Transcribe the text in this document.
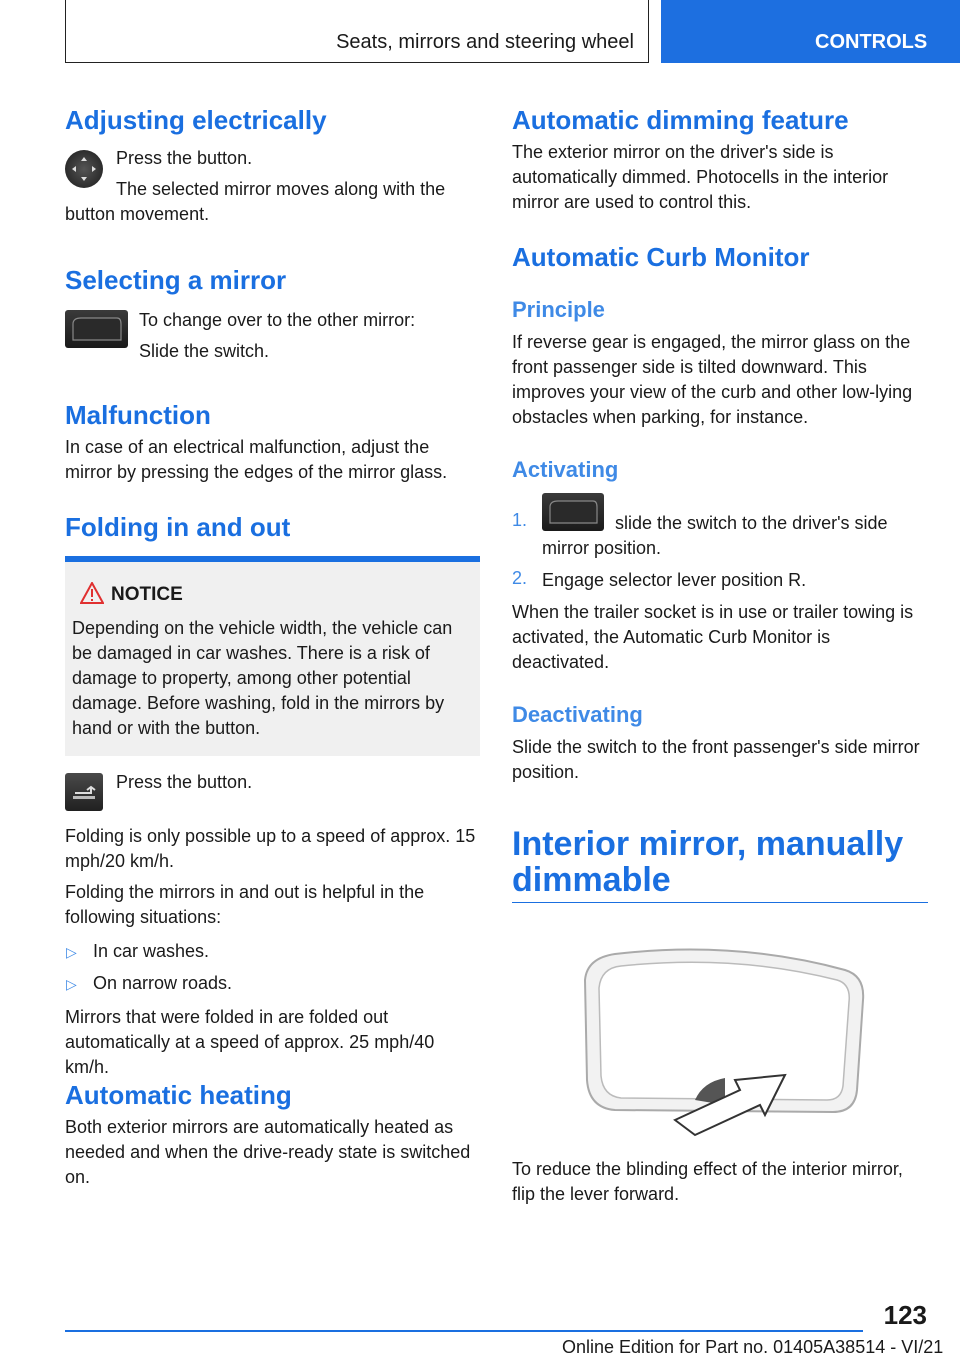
Seats, mirrors and steering wheel	CONTROLS
Adjusting electrically

Press the button.

The selected mirror moves along with the button movement.

Selecting a mirror

To change over to the other mirror:

Slide the switch.

Malfunction

In case of an electrical malfunction, adjust the mirror by pressing the edges of the mirror glass.

Folding in and out
NOTICE
Depending on the vehicle width, the vehicle can be damaged in car washes. There is a risk of damage to property, among other potential damage. Before washing, fold in the mirrors by hand or with the button.

Press the button.

Folding is only possible up to a speed of approx. 15 mph/20 km/h.

Folding the mirrors in and out is helpful in the following situations:

▷ In car washes.

▷ On narrow roads.

Mirrors that were folded in are folded out automatically at a speed of approx. 25 mph/40 km/h.

Automatic heating

Both exterior mirrors are automatically heated as needed and when the drive-ready state is switched on.

Automatic dimming feature

The exterior mirror on the driver's side is automatically dimmed. Photocells in the interior mirror are used to control this.

Automatic Curb Monitor
Principle

If reverse gear is engaged, the mirror glass on the front passenger side is tilted downward. This improves your view of the curb and other low-lying obstacles when parking, for instance.

Activating
1.	slide the switch to the driver's side mirror position.

2. Engage selector lever position R.

When the trailer socket is in use or trailer towing is activated, the Automatic Curb Monitor is deactivated.

Deactivating

Slide the switch to the front passenger's side mirror position.

Interior mirror, manually dimmable

To reduce the blinding effect of the interior mirror, flip the lever forward.

123
Online Edition for Part no. 01405A38514 - VI/21
